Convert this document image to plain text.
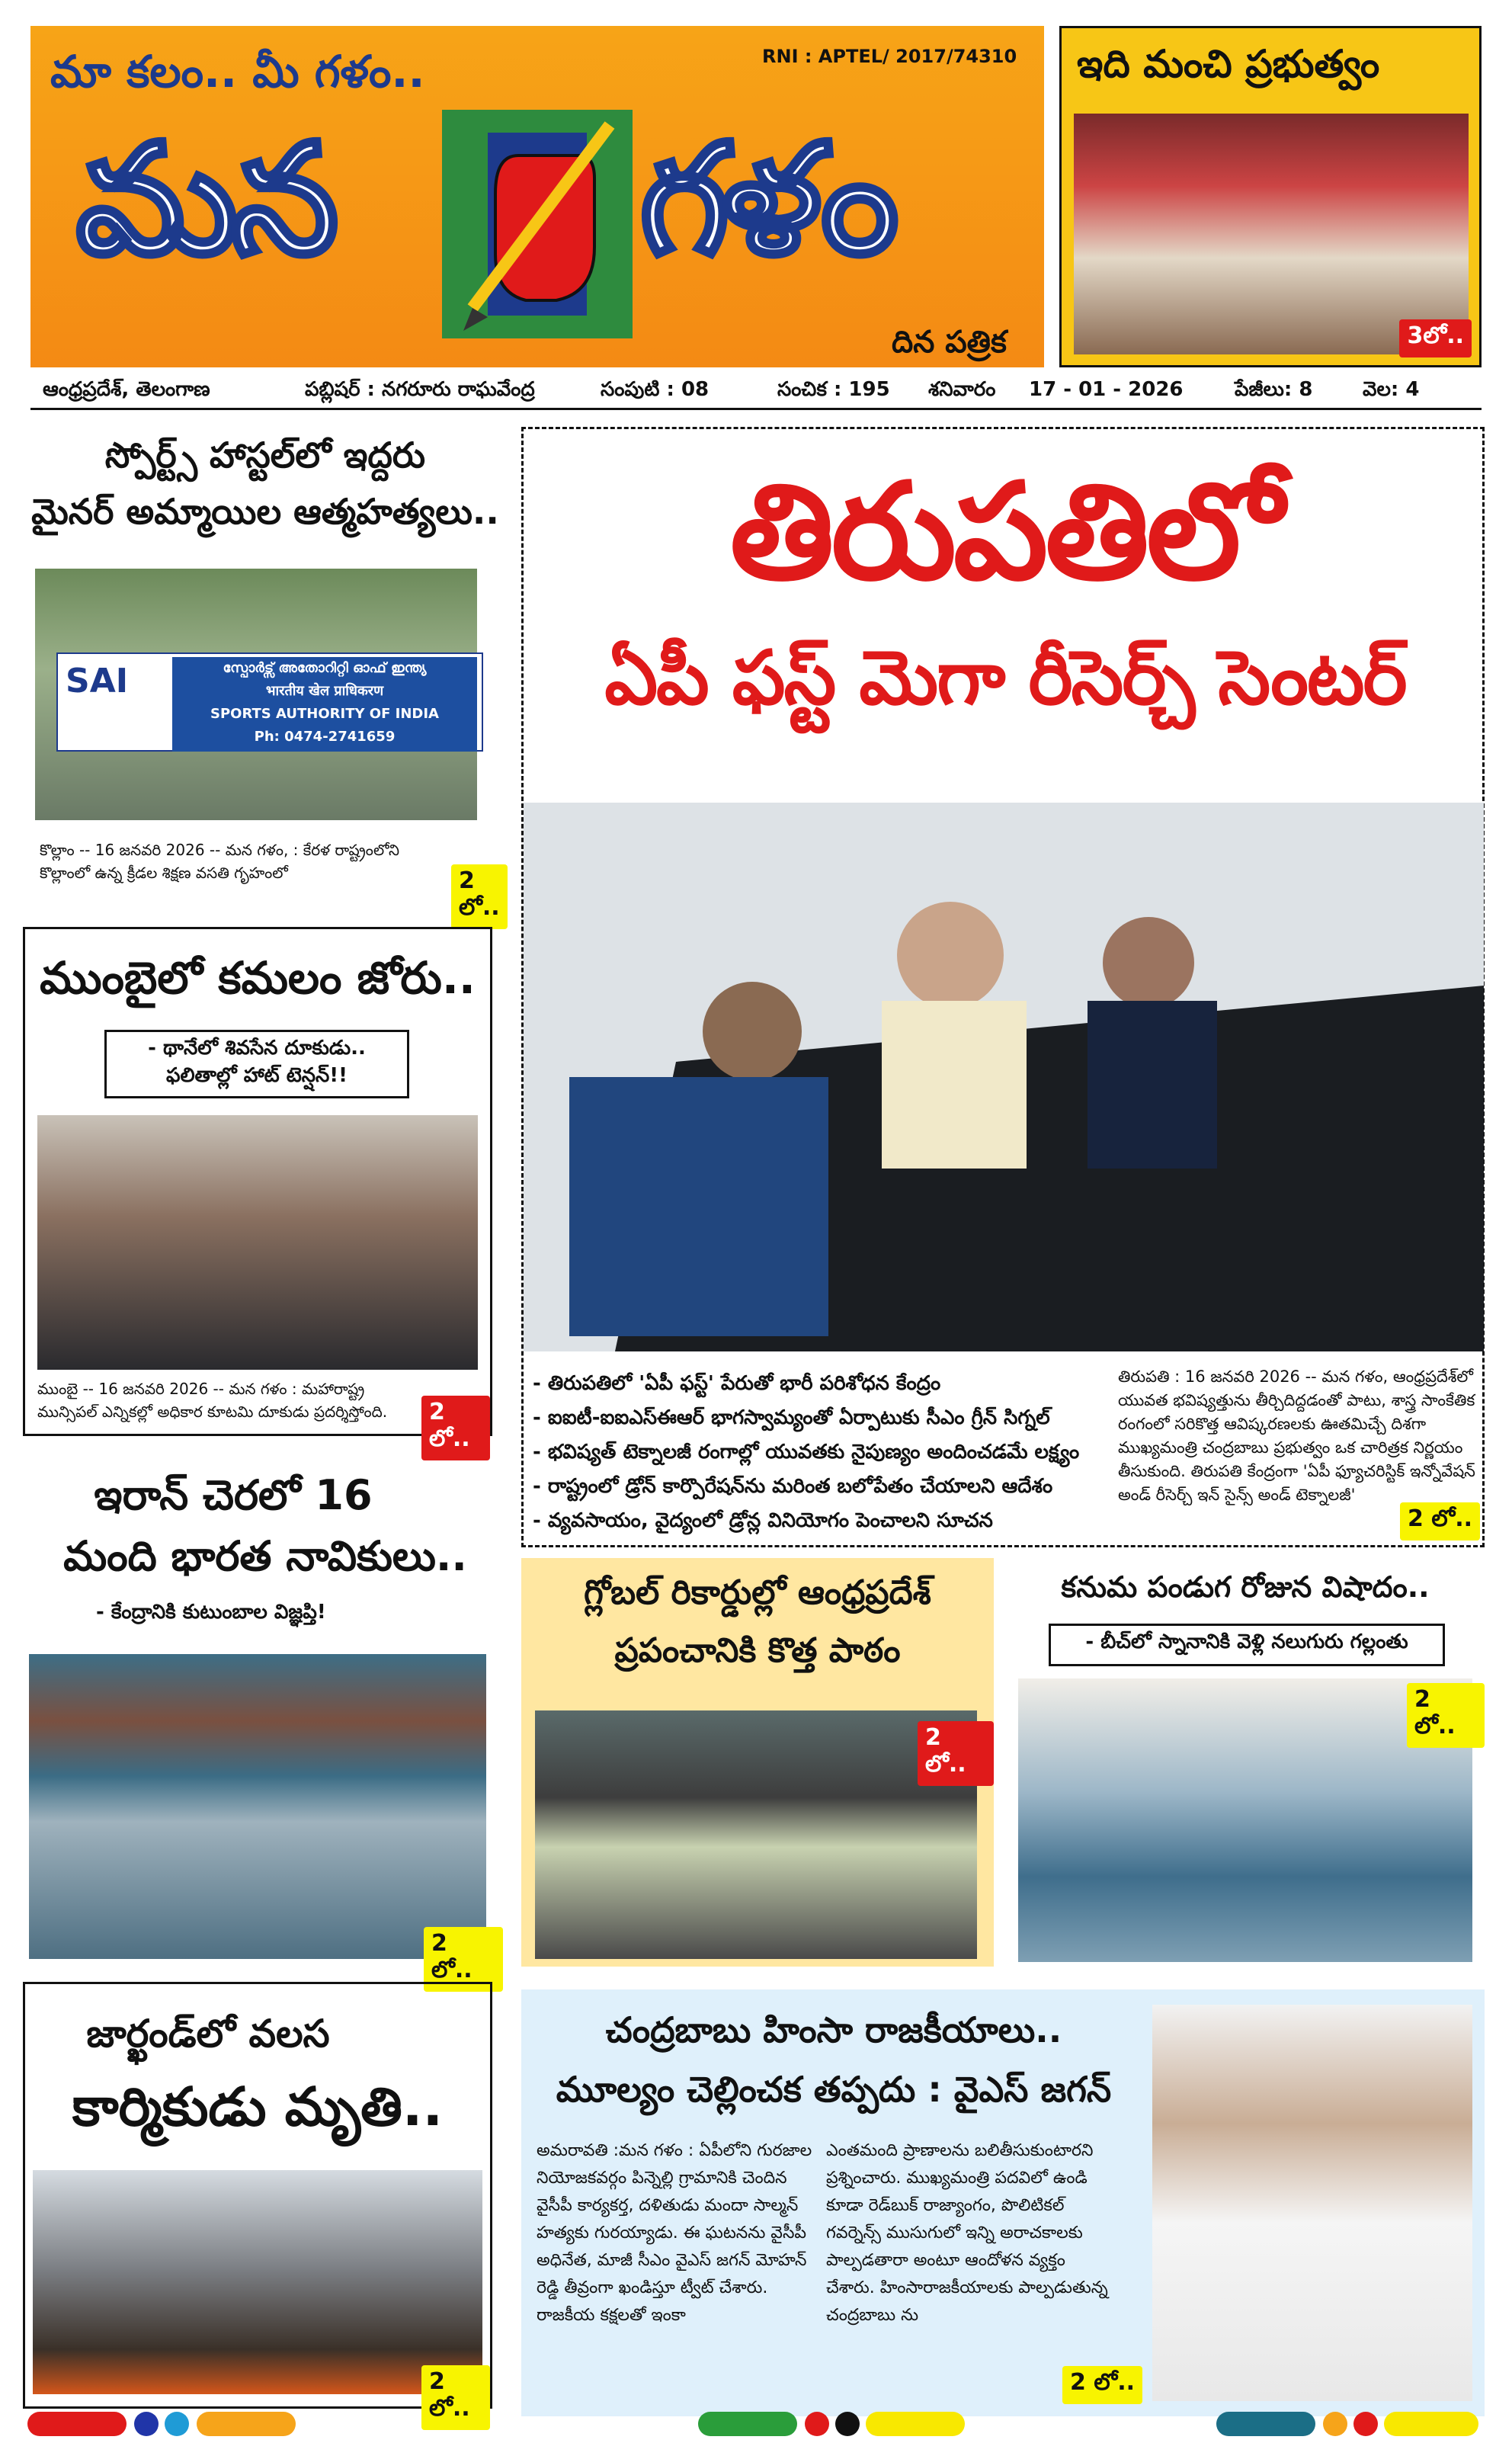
మా కలం.. మీ గళం..	RNI : APTEL/ 2017/74310
మన గళం
దిన పత్రిక
ఇది మంచి ప్రభుత్వం
3లో..
ఆంధ్రప్రదేశ్, తెలంగాణ	పబ్లిషర్ : నగరూరు రాఘవేంద్ర	సంపుటి : 08	సంచిక : 195 శనివారం 17 - 01 - 2026	పేజీలు: 8	వెల: 4
స్పోర్ట్స్ హాస్టల్‌లో ఇద్దరు
మైనర్ అమ్మాయిల ఆత్మహత్యలు..
SAI	സ്പോർട്സ് അതോറിറ്റി ഓഫ് ഇന്ത്യ
भारतीय खेल प्राधिकरण
SPORTS AUTHORITY OF INDIA
Ph: 0474-2741659
కొల్లాం -- 16 జనవరి 2026 -- మన గళం, : కేరళ రాష్ట్రంలోని కొల్లాంలో ఉన్న క్రీడల శిక్షణ వసతి గృహంలో	2 లో..
ముంబైలో కమలం జోరు..
- థానేలో శివసేన దూకుడు..
ఫలితాల్లో హాట్ టెన్షన్!!
ముంబై -- 16 జనవరి 2026 -- మన గళం : మహారాష్ట్ర మున్సిపల్ ఎన్నికల్లో అధికార కూటమి దూకుడు ప్రదర్శిస్తోంది.	2 లో..
ఇరాన్ చెరలో 16
మంది భారత నావికులు..
- కేంద్రానికి కుటుంబాల విజ్ఞప్తి!
2 లో..
జార్ఖండ్‌లో వలస
కార్మికుడు మృతి..
2 లో..
తిరుపతిలో
ఏపీ ఫస్ట్ మెగా రీసెర్చ్ సెంటర్
- తిరుపతిలో 'ఏపీ ఫస్ట్' పేరుతో భారీ పరిశోధన కేంద్రం
- ఐఐటీ-ఐఐఎస్ఈఆర్ భాగస్వామ్యంతో ఏర్పాటుకు సీఎం గ్రీన్ సిగ్నల్
- భవిష్యత్ టెక్నాలజీ రంగాల్లో యువతకు నైపుణ్యం అందించడమే లక్ష్యం
- రాష్ట్రంలో డ్రోన్ కార్పొరేషన్‌ను మరింత బలోపేతం చేయాలని ఆదేశం
- వ్యవసాయం, వైద్యంలో డ్రోన్ల వినియోగం పెంచాలని సూచన
తిరుపతి : 16 జనవరి 2026 -- మన గళం, ఆంధ్రప్రదేశ్‌లో యువత భవిష్యత్తును తీర్చిదిద్దడంతో పాటు, శాస్త్ర సాంకేతిక రంగంలో సరికొత్త ఆవిష్కరణలకు ఊతమిచ్చే దిశగా ముఖ్యమంత్రి చంద్రబాబు ప్రభుత్వం ఒక చారిత్రక నిర్ణయం తీసుకుంది. తిరుపతి కేంద్రంగా 'ఏపీ ఫ్యూచరిస్టిక్ ఇన్నోవేషన్ అండ్ రీసెర్చ్ ఇన్ సైన్స్ అండ్ టెక్నాలజీ'
2 లో..
గ్లోబల్ రికార్డుల్లో ఆంధ్రప్రదేశ్
ప్రపంచానికి కొత్త పాఠం
2 లో..
కనుమ పండుగ రోజున విషాదం..
- బీచ్‌లో స్నానానికి వెళ్లి నలుగురు గల్లంతు
2 లో..
చంద్రబాబు హింసా రాజకీయాలు..
మూల్యం చెల్లించక తప్పదు : వైఎస్ జగన్
అమరావతి :మన గళం : ఏపీలోని గురజాల నియోజకవర్గం పిన్నెల్లి గ్రామానికి చెందిన వైసీపీ కార్యకర్త, దళితుడు మందా సాల్మన్ హత్యకు గురయ్యాడు. ఈ ఘటనను వైసీపీ అధినేత, మాజీ సీఎం వైఎస్ జగన్ మోహన్ రెడ్డి తీవ్రంగా ఖండిస్తూ ట్వీట్ చేశారు. రాజకీయ కక్షలతో ఇంకా
ఎంతమంది ప్రాణాలను బలితీసుకుంటారని ప్రశ్నించారు. ముఖ్యమంత్రి పదవిలో ఉండి కూడా రెడ్‌బుక్ రాజ్యాంగం, పొలిటికల్ గవర్నెన్స్ ముసుగులో ఇన్ని అరాచకాలకు పాల్పడతారా అంటూ ఆందోళన వ్యక్తం చేశారు. హింసారాజకీయాలకు పాల్పడుతున్న చంద్రబాబు ను
2 లో..
